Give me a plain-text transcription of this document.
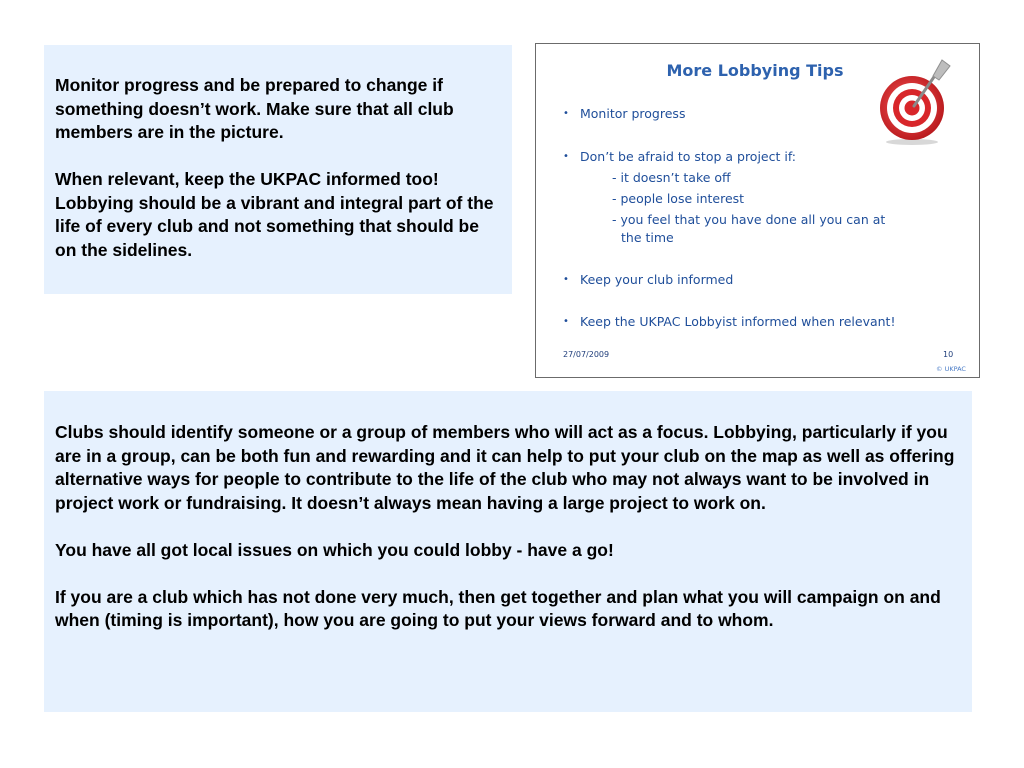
Monitor progress and be prepared to change if something doesn’t work. Make sure that all club members are in the picture.

When relevant, keep the UKPAC informed too! Lobbying should be a vibrant and integral part of the life of every club and not something that should be on the sidelines.

More Lobbying Tips
• Monitor progress
• Don’t be afraid to stop a project if:
- it doesn’t take off
- people lose interest
- you feel that you have done all you can at
the time
• Keep your club informed
• Keep the UKPAC Lobbyist informed when relevant!
27/07/2009	10
© UKPAC

Clubs should identify someone or a group of members who will act as a focus. Lobbying, particularly if you are in a group, can be both fun and rewarding and it can help to put your club on the map as well as offering alternative ways for people to contribute to the life of the club who may not always want to be involved in project work or fundraising. It doesn’t always mean having a large project to work on.

You have all got local issues on which you could lobby - have a go!

If you are a club which has not done very much, then get together and plan what you will campaign on and when (timing is important), how you are going to put your views forward and to whom.
